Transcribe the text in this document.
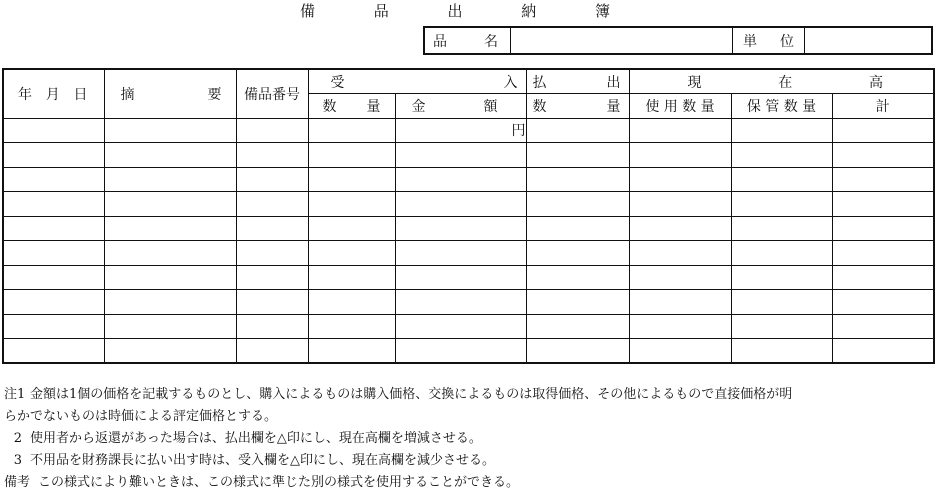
備	品	出	納	簿
品	名	単 位
年 月 日	摘 要	備品番号	受 入		払 出	現 在 高		

			数 量	金 額	数 量	使 用 数 量	保 管 数 量	計
				円				

注1 金額は1個の価格を記載するものとし、購入によるものは購入価格、交換によるものは取得価格、その他によるもので直接価格が明
らかでないものは時価による評定価格とする。
2 使用者から返還があった場合は、払出欄を△印にし、現在高欄を増減させる。
3 不用品を財務課長に払い出す時は、受入欄を△印にし、現在高欄を減少させる。
備考 この様式により難いときは、この様式に準じた別の様式を使用することができる。
